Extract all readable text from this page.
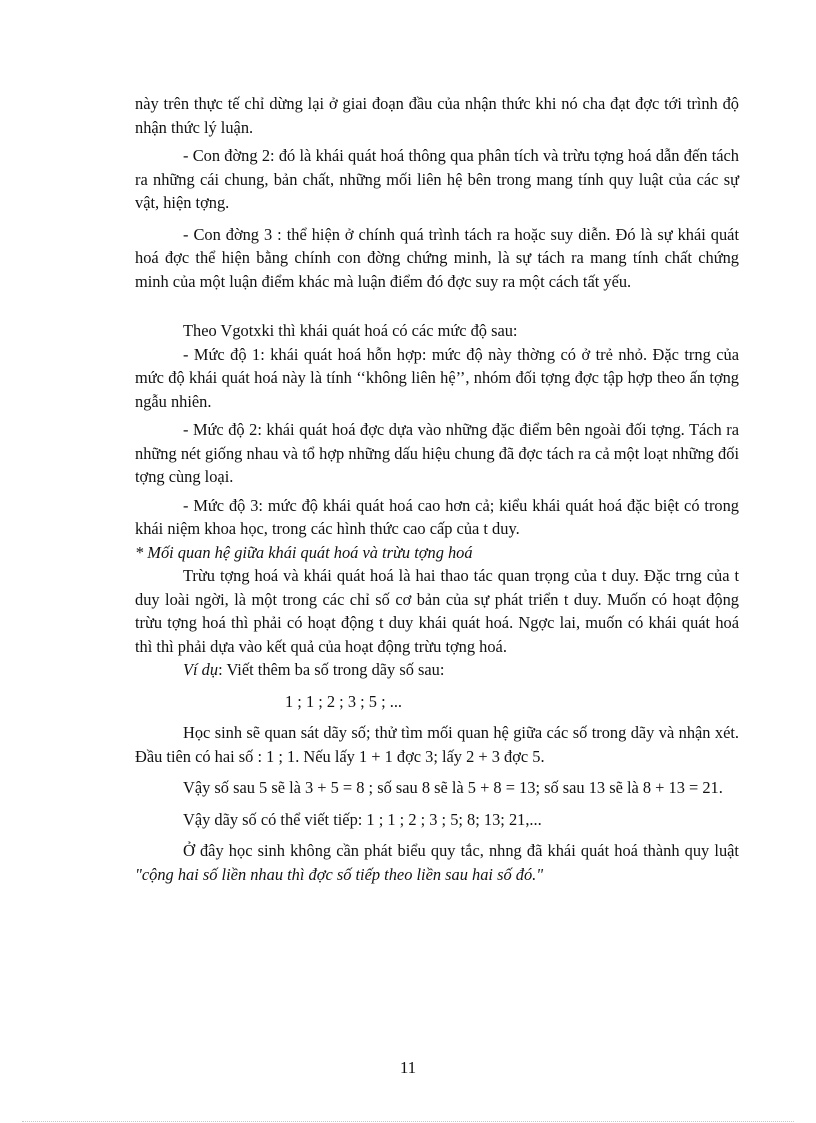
này trên thực tế chỉ dừng lại ở giai đoạn đầu của nhận thức khi nó cha đạt đợc tới trình độ nhận thức lý luận.

- Con đờng 2: đó là khái quát hoá thông qua phân tích và trừu tợng hoá dẫn đến tách ra những cái chung, bản chất, những mối liên hệ bên trong mang tính quy luật của các sự vật, hiện tợng.

- Con đờng 3 : thể hiện ở chính quá trình tách ra hoặc suy diễn. Đó là sự khái quát hoá đợc thể hiện bằng chính con đờng chứng minh, là sự tách ra mang tính chất chứng minh của một luận điểm khác mà luận điểm đó đợc suy ra một cách tất yếu.

Theo Vgotxki thì khái quát hoá có các mức độ sau:

- Mức độ 1: khái quát hoá hỗn hợp: mức độ này thờng có ở trẻ nhỏ. Đặc trng của mức độ khái quát hoá này là tính ‘‘không liên hệ’’, nhóm đối tợng đợc tập hợp theo ấn tợng ngẫu nhiên.

- Mức độ 2: khái quát hoá đợc dựa vào những đặc điểm bên ngoài đối tợng. Tách ra những nét giống nhau và tổ hợp những dấu hiệu chung đã đợc tách ra cả một loạt những đối tợng cùng loại.

- Mức độ 3: mức độ khái quát hoá cao hơn cả; kiểu khái quát hoá đặc biệt có trong khái niệm khoa học, trong các hình thức cao cấp của t duy.

* Mối quan hệ giữa khái quát hoá và trừu tợng hoá

Trừu tợng hoá và khái quát hoá là hai thao tác quan trọng của t duy. Đặc trng của t duy loài ngời, là một trong các chỉ số cơ bản của sự phát triển t duy. Muốn có hoạt động trừu tợng hoá thì phải có hoạt động t duy khái quát hoá. Ngợc lai, muốn có khái quát hoá thì thì phải dựa vào kết quả của hoạt động trừu tợng hoá.

Ví dụ: Viết thêm ba số trong dãy số sau:

1 ; 1 ; 2 ; 3 ; 5 ; ...

Học sinh sẽ quan sát dãy số; thử tìm mối quan hệ giữa các số trong dãy và nhận xét. Đầu tiên có hai số : 1 ; 1. Nếu lấy 1 + 1 đợc 3; lấy 2 + 3 đợc 5.

Vậy số sau 5 sẽ là 3 + 5 = 8 ; số sau 8 sẽ là 5 + 8 = 13; số sau 13 sẽ là 8 + 13 = 21.

Vậy dãy số có thể viết tiếp: 1 ; 1 ; 2 ; 3 ; 5; 8; 13; 21,...

Ở đây học sinh không cần phát biểu quy tắc, nhng đã khái quát hoá thành quy luật "cộng hai số liền nhau thì đợc số tiếp theo liền sau hai số đó."

11
